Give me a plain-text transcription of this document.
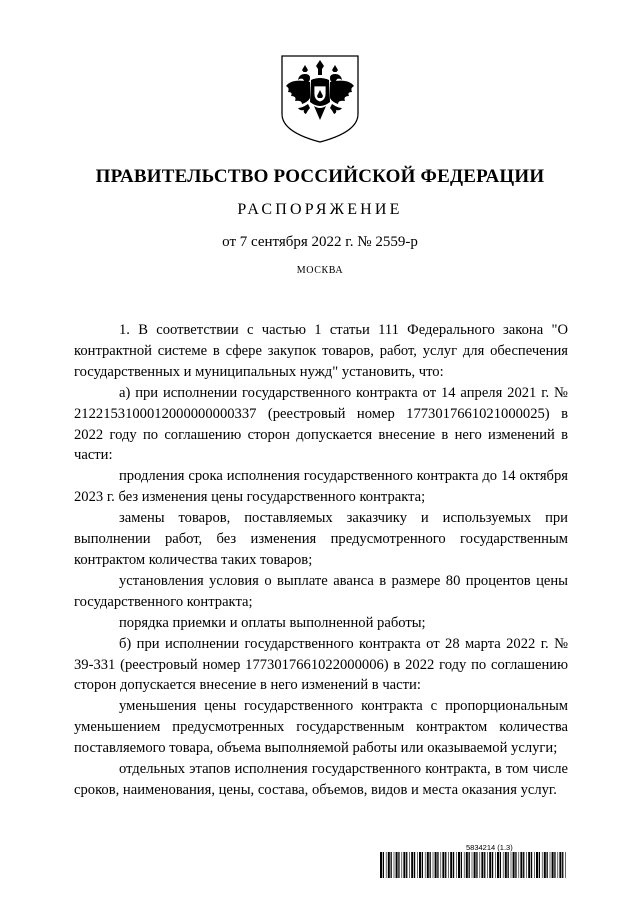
ПРАВИТЕЛЬСТВО РОССИЙСКОЙ ФЕДЕРАЦИИ
РАСПОРЯЖЕНИЕ
от 7 сентября 2022 г. № 2559-р
МОСКВА

1. В соответствии с частью 1 статьи 111 Федерального закона "О контрактной системе в сфере закупок товаров, работ, услуг для обеспечения государственных и муниципальных нужд" установить, что:

а) при исполнении государственного контракта от 14 апреля 2021 г. № 2122153100012000000000337 (реестровый номер 1773017661021000025) в 2022 году по соглашению сторон допускается внесение в него изменений в части:

продления срока исполнения государственного контракта до 14 октября 2023 г. без изменения цены государственного контракта;

замены товаров, поставляемых заказчику и используемых при выполнении работ, без изменения предусмотренного государственным контрактом количества таких товаров;

установления условия о выплате аванса в размере 80 процентов цены государственного контракта;

порядка приемки и оплаты выполненной работы;

б) при исполнении государственного контракта от 28 марта 2022 г. № 39-331 (реестровый номер 1773017661022000006) в 2022 году по соглашению сторон допускается внесение в него изменений в части:

уменьшения цены государственного контракта с пропорциональным уменьшением предусмотренных государственным контрактом количества поставляемого товара, объема выполняемой работы или оказываемой услуги;

отдельных этапов исполнения государственного контракта, в том числе сроков, наименования, цены, состава, объемов, видов и места оказания услуг.

5834214 (1.3)
